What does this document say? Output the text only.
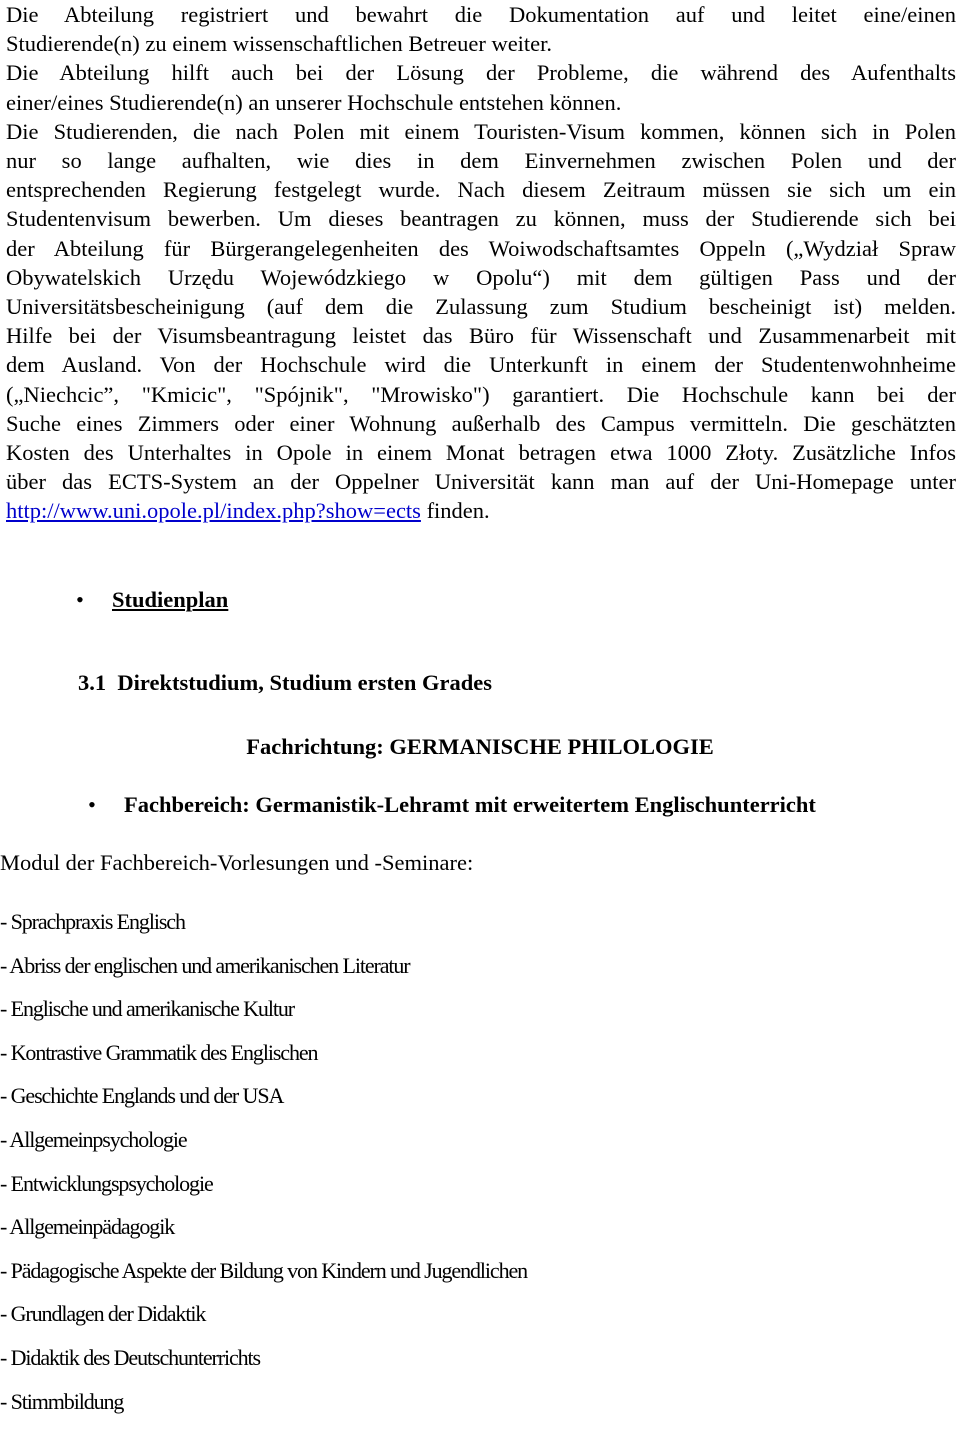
Die Abteilung registriert und bewahrt die Dokumentation auf und leitet eine/einen
Studierende(n) zu einem wissenschaftlichen Betreuer weiter.
Die Abteilung hilft auch bei der Lösung der Probleme, die während des Aufenthalts
einer/eines Studierende(n) an unserer Hochschule entstehen können.
Die Studierenden, die nach Polen mit einem Touristen-Visum kommen, können sich in Polen
nur so lange aufhalten, wie dies in dem Einvernehmen zwischen Polen und der
entsprechenden Regierung festgelegt wurde. Nach diesem Zeitraum müssen sie sich um ein
Studentenvisum bewerben. Um dieses beantragen zu können, muss der Studierende sich bei
der Abteilung für Bürgerangelegenheiten des Woiwodschaftsamtes Oppeln („Wydział Spraw
Obywatelskich Urzędu Wojewódzkiego w Opolu“) mit dem gültigen Pass und der
Universitätsbescheinigung (auf dem die Zulassung zum Studium bescheinigt ist) melden.
Hilfe bei der Visumsbeantragung leistet das Büro für Wissenschaft und Zusammenarbeit mit
dem Ausland. Von der Hochschule wird die Unterkunft in einem der Studentenwohnheime
(„Niechcic”, "Kmicic", "Spójnik", "Mrowisko") garantiert. Die Hochschule kann bei der
Suche eines Zimmers oder einer Wohnung außerhalb des Campus vermitteln. Die geschätzten
Kosten des Unterhaltes in Opole in einem Monat betragen etwa 1000 Złoty. Zusätzliche Infos
über das ECTS-System an der Oppelner Universität kann man auf der Uni-Homepage unter
http://www.uni.opole.pl/index.php?show=ects finden.
• Studienplan
3.1  Direktstudium, Studium ersten Grades
Fachrichtung: GERMANISCHE PHILOLOGIE
• Fachbereich: Germanistik-Lehramt mit erweitertem Englischunterricht
Modul der Fachbereich-Vorlesungen und -Seminare:
- Sprachpraxis Englisch
- Abriss der englischen und amerikanischen Literatur
- Englische und amerikanische Kultur
- Kontrastive Grammatik des Englischen
- Geschichte Englands und der USA
- Allgemeinpsychologie
- Entwicklungspsychologie
- Allgemeinpädagogik
- Pädagogische Aspekte der Bildung von Kindern und Jugendlichen
- Grundlagen der Didaktik
- Didaktik des Deutschunterrichts
- Stimmbildung
